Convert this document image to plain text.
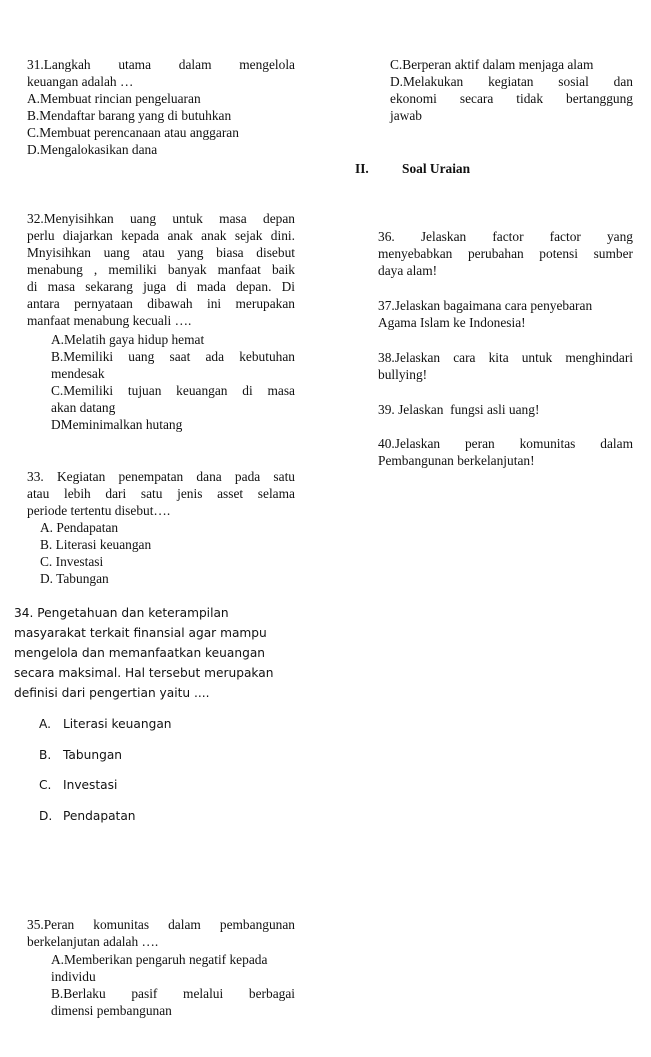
31.Langkah utama dalam mengelola
keuangan adalah …
A.Membuat rincian pengeluaran
B.Mendaftar barang yang di butuhkan
C.Membuat perencanaan atau anggaran
D.Mengalokasikan dana
32.Menyisihkan uang untuk masa depan
perlu diajarkan kepada anak anak sejak dini.
Mnyisihkan uang atau yang biasa disebut
menabung , memiliki banyak manfaat baik
di masa sekarang juga di mada depan. Di
antara pernyataan dibawah ini merupakan
manfaat menabung kecuali ….
A.Melatih gaya hidup hemat
B.Memiliki uang saat ada kebutuhan
mendesak
C.Memiliki tujuan keuangan di masa
akan datang
DMeminimalkan hutang
33. Kegiatan penempatan dana pada satu
atau lebih dari satu jenis asset selama
periode tertentu disebut….
A. Pendapatan
B. Literasi keuangan
C. Investasi
D. Tabungan
34. Pengetahuan dan keterampilan
masyarakat terkait finansial agar mampu
mengelola dan memanfaatkan keuangan
secara maksimal. Hal tersebut merupakan
definisi dari pengertian yaitu ....
A. Literasi keuangan
B. Tabungan
C. Investasi
D. Pendapatan
35.Peran komunitas dalam pembangunan
berkelanjutan adalah ….
A.Memberikan pengaruh negatif kepada
individu
B.Berlaku pasif melalui berbagai
dimensi pembangunan
C.Berperan aktif dalam menjaga alam
D.Melakukan kegiatan sosial dan
ekonomi secara tidak bertanggung
jawab
II. Soal Uraian
36. Jelaskan factor factor yang
menyebabkan perubahan potensi sumber
daya alam!
37.Jelaskan bagaimana cara penyebaran
Agama Islam ke Indonesia!
38.Jelaskan cara kita untuk menghindari
bullying!
39. Jelaskan  fungsi asli uang!
40.Jelaskan peran komunitas dalam
Pembangunan berkelanjutan!
